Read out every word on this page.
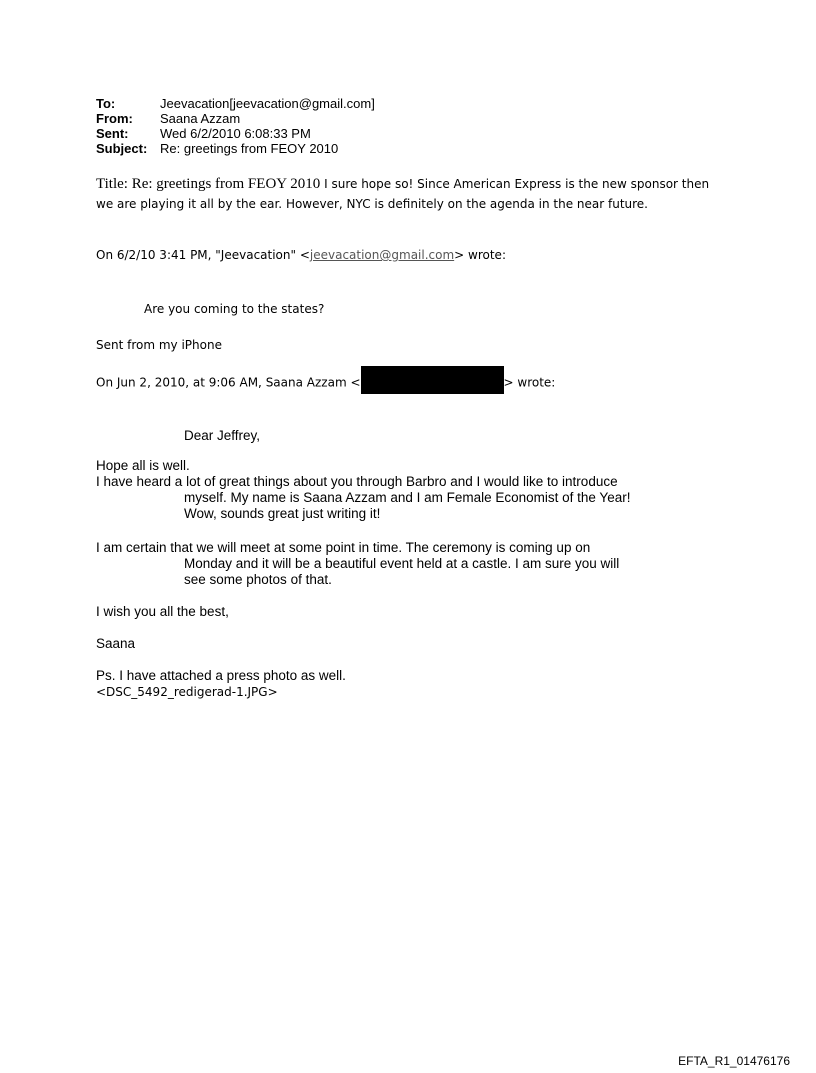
To:	Jeevacation[jeevacation@gmail.com]
From:	Saana Azzam
Sent:	Wed 6/2/2010 6:08:33 PM
Subject: Re: greetings from FEOY 2010
Title: Re: greetings from FEOY 2010 I sure hope so! Since American Express is the new sponsor then
we are playing it all by the ear. However, NYC is definitely on the agenda in the near future.
On 6/2/10 3:41 PM, "Jeevacation" <jeevacation@gmail.com> wrote:
Are you coming to the states?
Sent from my iPhone
On Jun 2, 2010, at 9:06 AM, Saana Azzam <	> wrote:
Dear Jeffrey,
Hope all is well.
I have heard a lot of great things about you through Barbro and I would like to introduce
myself. My name is Saana Azzam and I am Female Economist of the Year!
Wow, sounds great just writing it!
I am certain that we will meet at some point in time. The ceremony is coming up on
Monday and it will be a beautiful event held at a castle. I am sure you will
see some photos of that.
I wish you all the best,
Saana
Ps. I have attached a press photo as well.
<DSC_5492_redigerad-1.JPG>
EFTA_R1_01476176
